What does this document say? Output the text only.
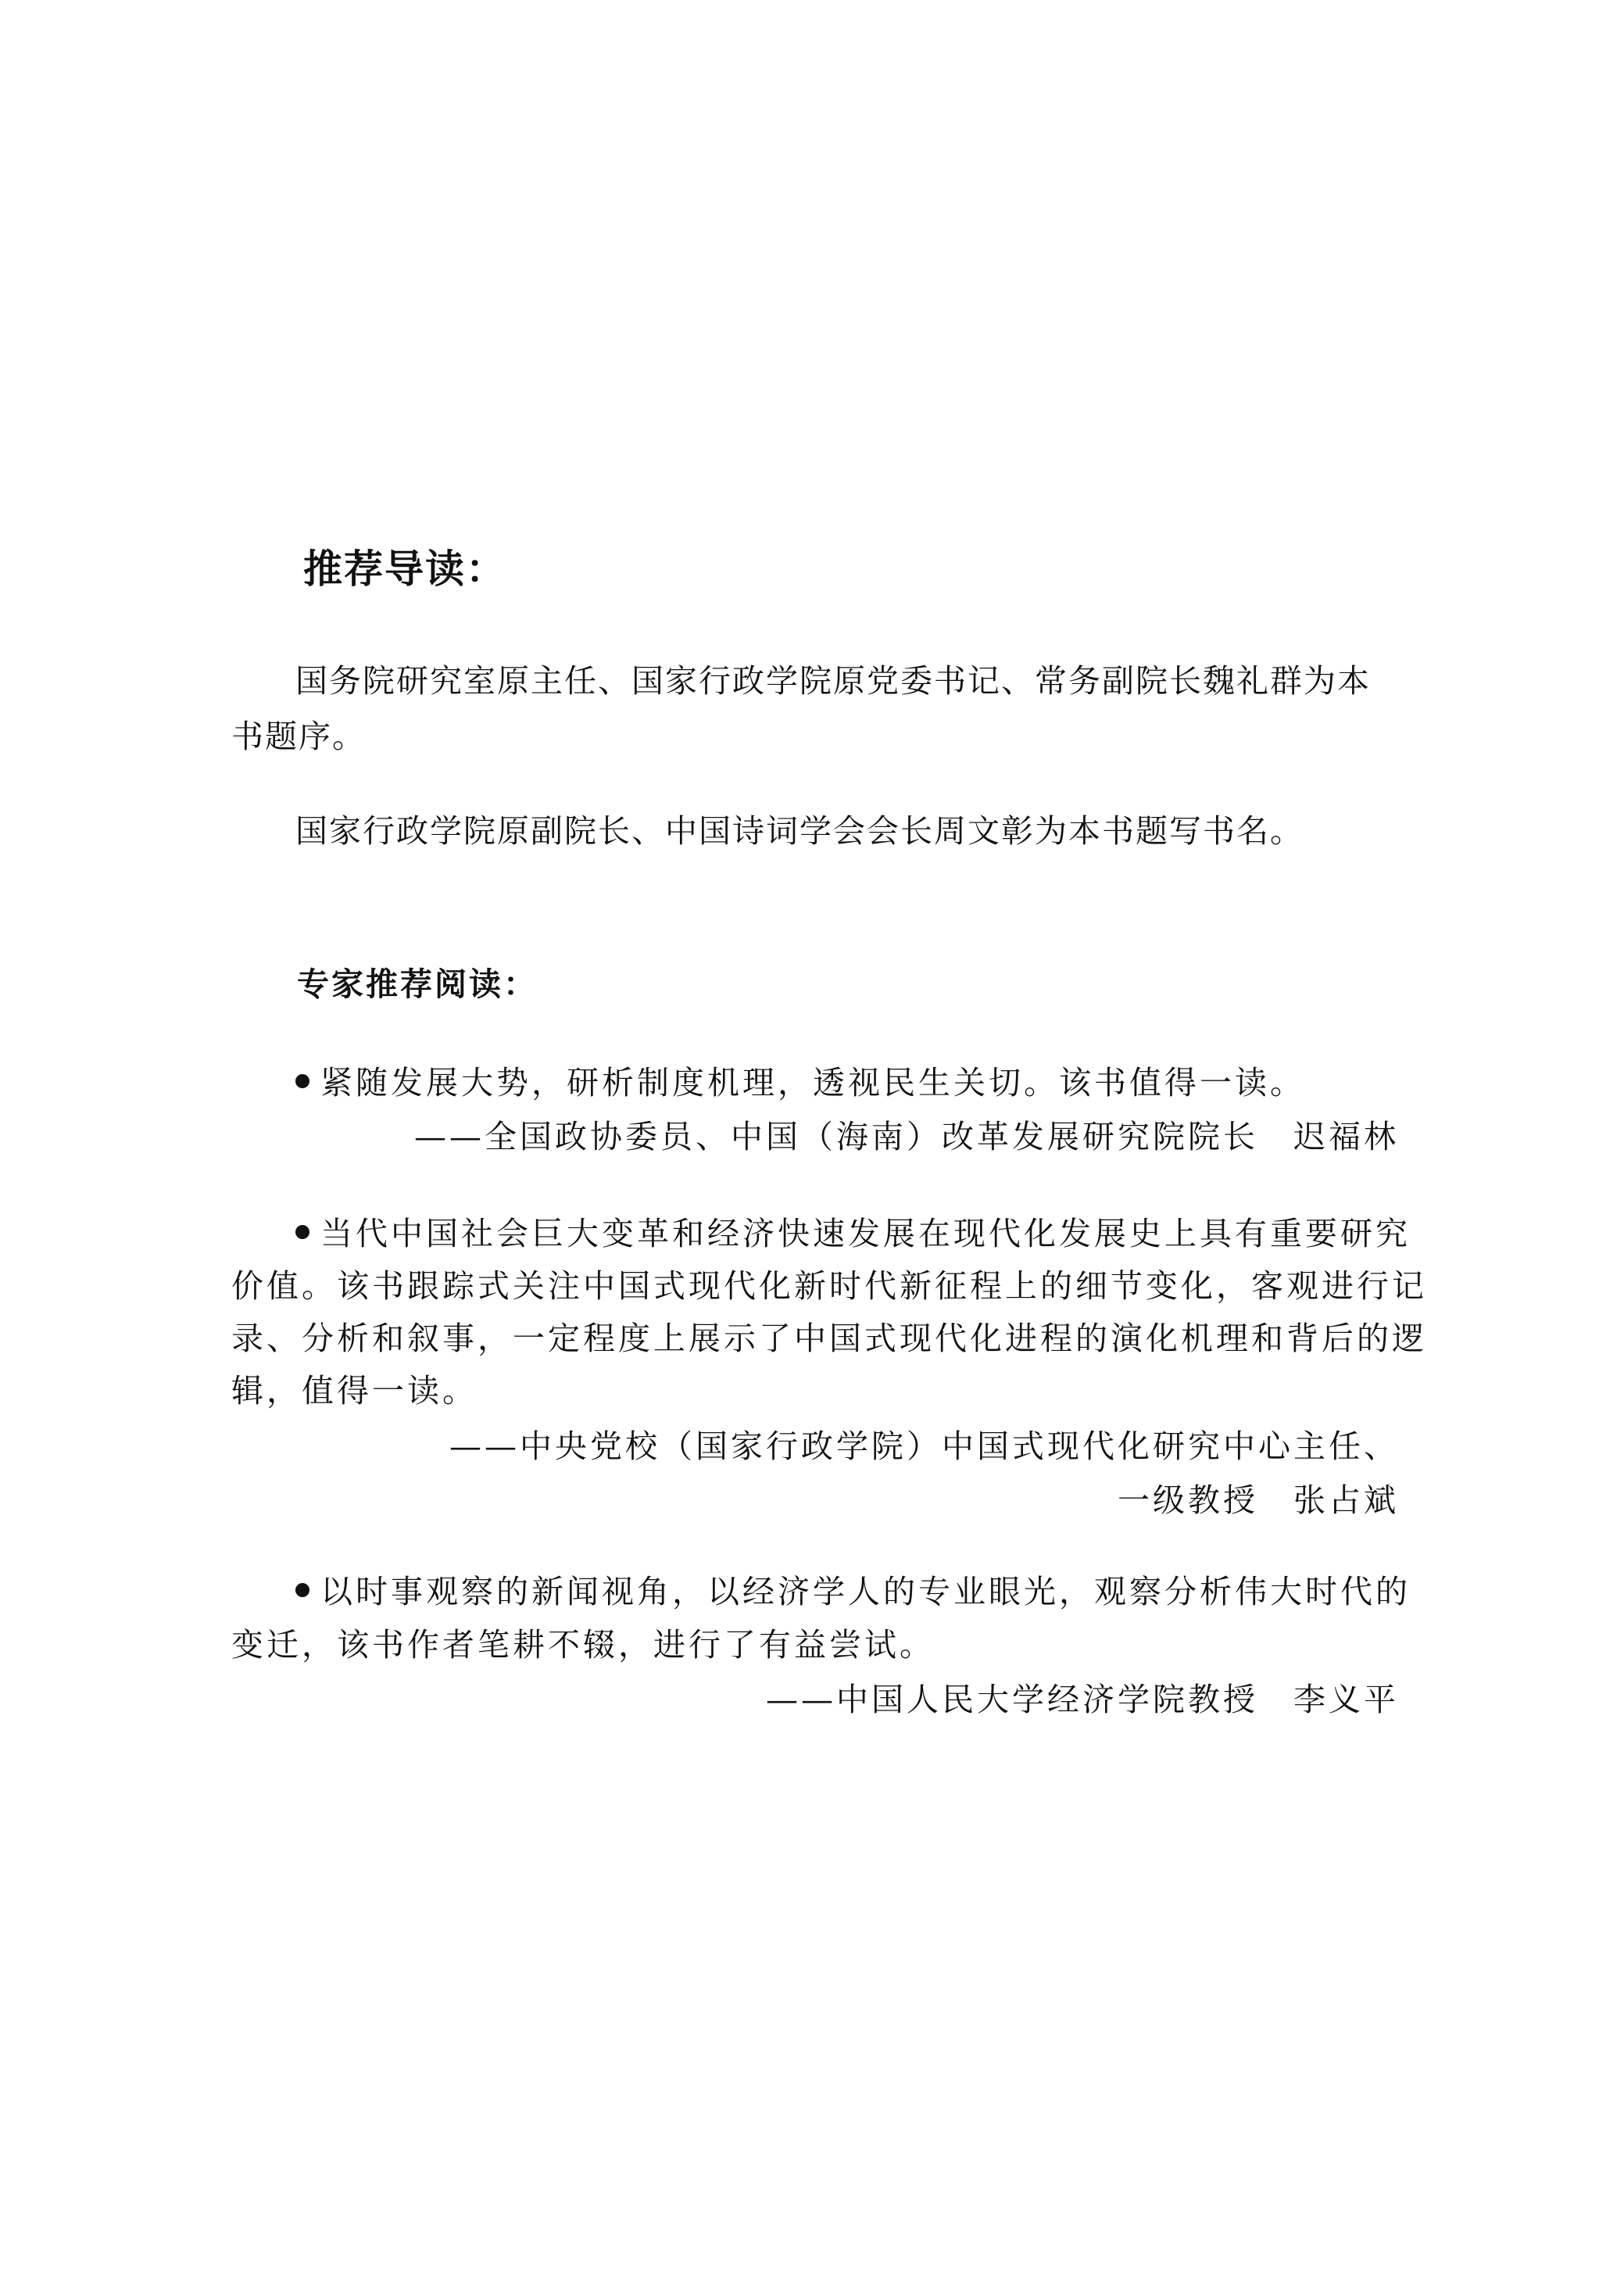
推荐导读：
国务院研究室原主任、国家行政学院原党委书记、常务副院长魏礼群为本
书题序。
国家行政学院原副院长、中国诗词学会会长周文彰为本书题写书名。
专家推荐阅读：
紧随发展大势，研析制度机理，透视民生关切。该书值得一读。
——全国政协委员、中国（海南）改革发展研究院院长　迟福林
当代中国社会巨大变革和经济快速发展在现代化发展史上具有重要研究
价值。该书跟踪式关注中国式现代化新时代新征程上的细节变化，客观进行记
录、分析和叙事，一定程度上展示了中国式现代化进程的演化机理和背后的逻
辑，值得一读。
——中央党校（国家行政学院）中国式现代化研究中心主任、
一级教授　张占斌
以时事观察的新闻视角，以经济学人的专业眼光，观察分析伟大时代的
变迁，该书作者笔耕不辍，进行了有益尝试。
——中国人民大学经济学院教授　李义平
